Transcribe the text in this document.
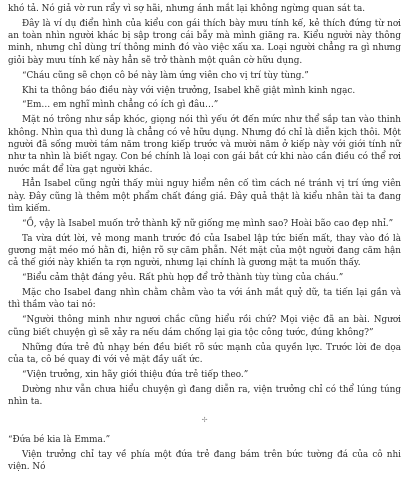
khó tả. Nó giả vờ run rẩy vì sợ hãi, nhưng ánh mắt lại không ngừng quan sát ta.

Đây là ví dụ điển hình của kiểu con gái thích bày mưu tính kế, kẻ thích đứng từ nơi an toàn nhìn người khác bị sập trong cái bẫy mà mình giăng ra. Kiểu người này thông minh, nhưng chỉ dùng trí thông minh đó vào việc xấu xa. Loại người chẳng ra gì nhưng giỏi bày mưu tính kế này hẳn sẽ trở thành một quân cờ hữu dụng.

“Cháu cũng sẽ chọn cô bé này làm ứng viên cho vị trí tùy tùng.”

Khi ta thông báo điều này với viện trưởng, Isabel khẽ giật mình kinh ngạc.

“Em… em nghĩ mình chẳng có ích gì đâu…”

Mặt nó trông như sắp khóc, giọng nói thì yếu ớt đến mức như thể sắp tan vào thinh không. Nhìn qua thì dung là chẳng có vẻ hữu dụng. Nhưng đó chỉ là diễn kịch thôi. Một người đã sống mười tám năm trong kiếp trước và mười năm ở kiếp này với giới tính nữ như ta nhìn là biết ngay. Con bé chính là loại con gái bắt cứ khi nào cần điều có thể rơi nước mắt để lừa gạt người khác.

Hẳn Isabel cũng ngửi thấy mùi nguy hiểm nên cố tìm cách né tránh vị trí ứng viên này. Đây cũng là thêm một phẩm chất đáng giá. Đây quả thật là kiểu nhân tài ta đang tìm kiếm.

“Ồ, vậy là Isabel muốn trở thành kỹ nữ giống mẹ mình sao? Hoài bão cao đẹp nhỉ.”

Ta vừa dứt lời, vẻ mong manh trước đó của Isabel lập tức biến mất, thay vào đó là gương mặt méo mó hằn đi, hiện rõ sự căm phẫn. Nét mặt của một người đang căm hận cả thế giới này khiến ta rợn người, nhưng lại chính là gương mặt ta muốn thấy.

“Biểu cảm thật đáng yêu. Rất phù hợp để trở thành tùy tùng của cháu.”

Mặc cho Isabel đang nhìn chằm chằm vào ta với ánh mắt quỷ dữ, ta tiến lại gần và thì thầm vào tai nó:

“Người thông minh như ngươi chắc cũng hiểu rồi chứ? Mọi việc đã an bài. Ngươi cũng biết chuyện gì sẽ xảy ra nếu dám chống lại gia tộc công tước, đúng không?”

Những đứa trẻ đủ nhạy bén đều biết rõ sức mạnh của quyền lực. Trước lời đe dọa của ta, cô bé quay đi với vẻ mặt đầy uất ức.

“Viện trưởng, xin hãy giới thiệu đứa trẻ tiếp theo.”

Dường như vẫn chưa hiểu chuyện gì đang diễn ra, viện trưởng chỉ có thể lúng túng nhìn ta.

✢

“Đứa bé kia là Emma.”

Viện trưởng chỉ tay về phía một đứa trẻ đang bám trên bức tường đá của cô nhi viện. Nó
